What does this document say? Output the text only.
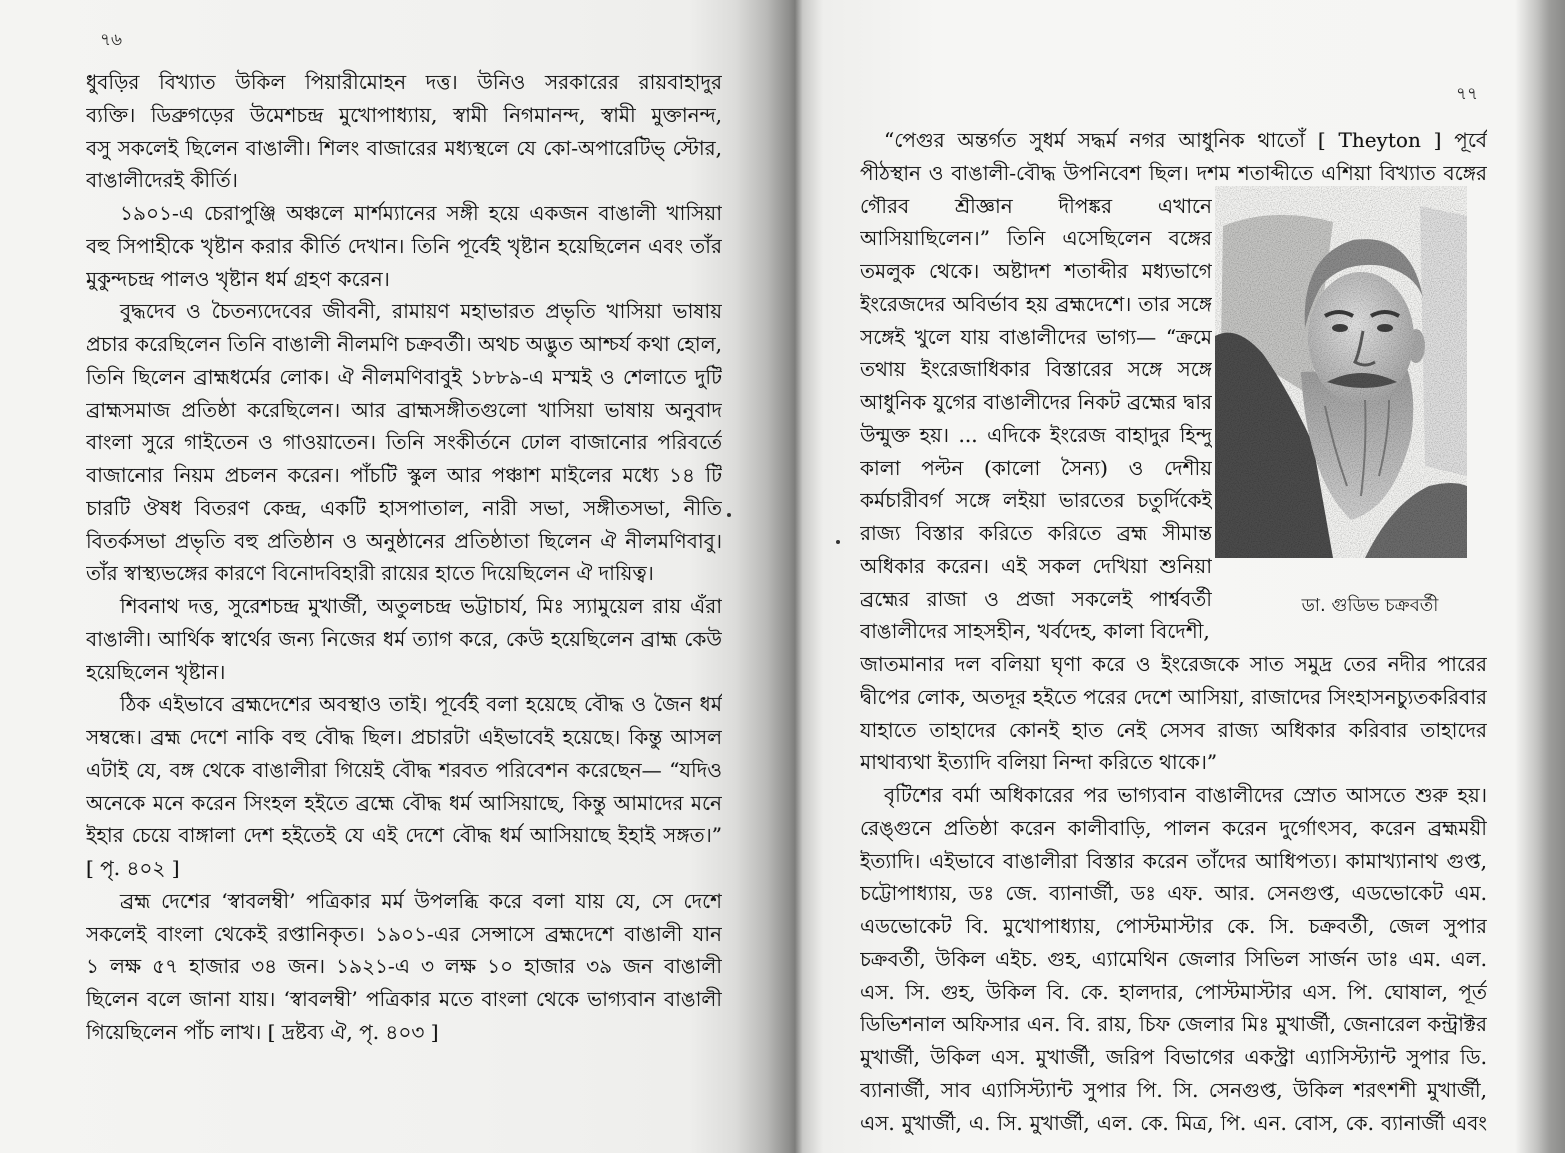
৭৬
ধুবড়ির বিখ্যাত উকিল পিয়ারীমোহন দত্ত। উনিও সরকারের রায়বাহাদুর
ব্যক্তি। ডিব্রুগড়ের উমেশচন্দ্র মুখোপাধ্যায়, স্বামী নিগমানন্দ, স্বামী মুক্তানন্দ,
বসু সকলেই ছিলেন বাঙালী। শিলং বাজারের মধ্যস্থলে যে কো-অপারেটিভ্ স্টোর,
বাঙালীদেরই কীর্তি।
১৯০১-এ চেরাপুঞ্জি অঞ্চলে মার্শম্যানের সঙ্গী হয়ে একজন বাঙালী খাসিয়া
বহু সিপাহীকে খৃষ্টান করার কীর্তি দেখান। তিনি পূর্বেই খৃষ্টান হয়েছিলেন এবং তাঁর
মুকুন্দচন্দ্র পালও খৃষ্টান ধর্ম গ্রহণ করেন।
বুদ্ধদেব ও চৈতন্যদেবের জীবনী, রামায়ণ মহাভারত প্রভৃতি খাসিয়া ভাষায়
প্রচার করেছিলেন তিনি বাঙালী নীলমণি চক্রবর্তী। অথচ অদ্ভুত আশ্চর্য কথা হোল,
তিনি ছিলেন ব্রাহ্মধর্মের লোক। ঐ নীলমণিবাবুই ১৮৮৯-এ মস্মই ও শেলাতে দুটি
ব্রাহ্মসমাজ প্রতিষ্ঠা করেছিলেন। আর ব্রাহ্মসঙ্গীতগুলো খাসিয়া ভাষায় অনুবাদ
বাংলা সুরে গাইতেন ও গাওয়াতেন। তিনি সংকীর্তনে ঢোল বাজানোর পরিবর্তে
বাজানোর নিয়ম প্রচলন করেন। পাঁচটি স্কুল আর পঞ্চাশ মাইলের মধ্যে ১৪ টি
চারটি ঔষধ বিতরণ কেন্দ্র, একটি হাসপাতাল, নারী সভা, সঙ্গীতসভা, নীতি
বিতর্কসভা প্রভৃতি বহু প্রতিষ্ঠান ও অনুষ্ঠানের প্রতিষ্ঠাতা ছিলেন ঐ নীলমণিবাবু।
তাঁর স্বাস্থ্যভঙ্গের কারণে বিনোদবিহারী রায়ের হাতে দিয়েছিলেন ঐ দায়িত্ব।
শিবনাথ দত্ত, সুরেশচন্দ্র মুখার্জী, অতুলচন্দ্র ভট্টাচার্য, মিঃ স্যামুয়েল রায় এঁরা
বাঙালী। আর্থিক স্বার্থের জন্য নিজের ধর্ম ত্যাগ করে, কেউ হয়েছিলেন ব্রাহ্ম কেউ
হয়েছিলেন খৃষ্টান।
ঠিক এইভাবে ব্রহ্মদেশের অবস্থাও তাই। পূর্বেই বলা হয়েছে বৌদ্ধ ও জৈন ধর্ম
সম্বন্ধে। ব্রহ্ম দেশে নাকি বহু বৌদ্ধ ছিল। প্রচারটা এইভাবেই হয়েছে। কিন্তু আসল
এটাই যে, বঙ্গ থেকে বাঙালীরা গিয়েই বৌদ্ধ শরবত পরিবেশন করেছেন— “যদিও
অনেকে মনে করেন সিংহল হইতে ব্রহ্মে বৌদ্ধ ধর্ম আসিয়াছে, কিন্তু আমাদের মনে
ইহার চেয়ে বাঙ্গালা দেশ হইতেই যে এই দেশে বৌদ্ধ ধর্ম আসিয়াছে ইহাই সঙ্গত।”
[ পৃ. ৪০২ ]
ব্রহ্ম দেশের ‘স্বাবলম্বী’ পত্রিকার মর্ম উপলব্ধি করে বলা যায় যে, সে দেশে
সকলেই বাংলা থেকেই রপ্তানিকৃত। ১৯০১-এর সেন্সাসে ব্রহ্মদেশে বাঙালী যান
১ লক্ষ ৫৭ হাজার ৩৪ জন। ১৯২১-এ ৩ লক্ষ ১০ হাজার ৩৯ জন বাঙালী
ছিলেন বলে জানা যায়। ‘স্বাবলম্বী’ পত্রিকার মতে বাংলা থেকে ভাগ্যবান বাঙালী
গিয়েছিলেন পাঁচ লাখ। [ দ্রষ্টব্য ঐ, পৃ. ৪০৩ ]
৭৭
“পেগুর অন্তর্গত সুধর্ম সদ্ধর্ম নগর আধুনিক থাতোঁ [ Theyton ] পূর্বে
পীঠস্থান ও বাঙালী-বৌদ্ধ উপনিবেশ ছিল। দশম শতাব্দীতে এশিয়া বিখ্যাত বঙ্গের
গৌরব শ্রীজ্ঞান দীপঙ্কর এখানে
আসিয়াছিলেন।” তিনি এসেছিলেন বঙ্গের
তমলুক থেকে। অষ্টাদশ শতাব্দীর মধ্যভাগে
ইংরেজদের অবির্ভাব হয় ব্রহ্মদেশে। তার সঙ্গে
সঙ্গেই খুলে যায় বাঙালীদের ভাগ্য— “ক্রমে
তথায় ইংরেজাধিকার বিস্তারের সঙ্গে সঙ্গে
আধুনিক যুগের বাঙালীদের নিকট ব্রহ্মের দ্বার
উন্মুক্ত হয়। ... এদিকে ইংরেজ বাহাদুর হিন্দু
কালা পল্টন (কালো সৈন্য) ও দেশীয়
কর্মচারীবর্গ সঙ্গে লইয়া ভারতের চতুর্দিকেই
রাজ্য বিস্তার করিতে করিতে ব্রহ্ম সীমান্ত
অধিকার করেন। এই সকল দেখিয়া শুনিয়া
ব্রহ্মের রাজা ও প্রজা সকলেই পার্শ্ববর্তী
বাঙালীদের সাহসহীন, খর্বদেহ, কালা বিদেশী,
জাতমানার দল বলিয়া ঘৃণা করে ও ইংরেজকে সাত সমুদ্র তের নদীর পারের
দ্বীপের লোক, অতদূর হইতে পরের দেশে আসিয়া, রাজাদের সিংহাসনচ্যুতকরিবার
যাহাতে তাহাদের কোনই হাত নেই সেসব রাজ্য অধিকার করিবার তাহাদের
মাথাব্যথা ইত্যাদি বলিয়া নিন্দা করিতে থাকে।”
বৃটিশের বর্মা অধিকারের পর ভাগ্যবান বাঙালীদের স্রোত আসতে শুরু হয়।
রেঙ্গুনে প্রতিষ্ঠা করেন কালীবাড়ি, পালন করেন দুর্গোৎসব, করেন ব্রহ্মময়ী
ইত্যাদি। এইভাবে বাঙালীরা বিস্তার করেন তাঁদের আধিপত্য। কামাখ্যানাথ গুপ্ত,
চট্টোপাধ্যায়, ডঃ জে. ব্যানার্জী, ডঃ এফ. আর. সেনগুপ্ত, এডভোকেট এম.
এডভোকেট বি. মুখোপাধ্যায়, পোস্টমাস্টার কে. সি. চক্রবর্তী, জেল সুপার
চক্রবর্তী, উকিল এইচ. গুহ, এ্যামেথিন জেলার সিভিল সার্জন ডাঃ এম. এল.
এস. সি. গুহ, উকিল বি. কে. হালদার, পোস্টমাস্টার এস. পি. ঘোষাল, পূর্ত
ডিভিশনাল অফিসার এন. বি. রায়, চিফ জেলার মিঃ মুখার্জী, জেনারেল কন্ট্রাক্টর
মুখার্জী, উকিল এস. মুখার্জী, জরিপ বিভাগের একস্ট্রা এ্যাসিস্ট্যান্ট সুপার ডি.
ব্যানার্জী, সাব এ্যাসিস্ট্যান্ট সুপার পি. সি. সেনগুপ্ত, উকিল শরৎশশী মুখার্জী,
এস. মুখার্জী, এ. সি. মুখার্জী, এল. কে. মিত্র, পি. এন. বোস, কে. ব্যানার্জী এবং
ডা. গুডিভ চক্রবর্তী
